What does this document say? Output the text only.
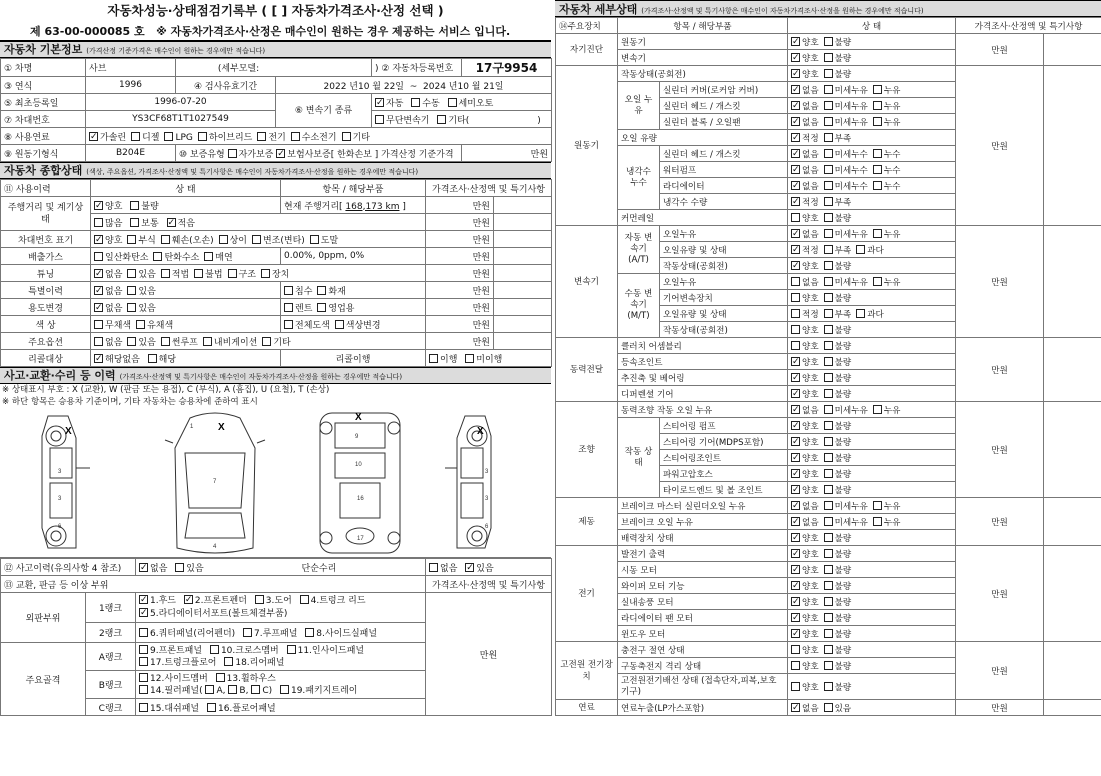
자동차성능·상태점검기록부 ( [ ] 자동차가격조사·산정 선택 )
제 63-00-000085 호 ※ 자동차가격조사·산정은 매수인이 원하는 경우 제공하는 서비스 입니다.
자동차 기본정보 (가격산정 기준가격은 매수인이 원하는 경우에만 적습니다)
① 차명	사브	(세부모델:		) ② 자동차등록번호	17구9954
③ 연식	1996	④ 검사유효기간	2022 년10 월 22일 ~ 2024 년10 월 21일		
⑤ 최초등록일	1996-07-20		⑥ 변속기 종류	✓자동 수동 세미오토
⑦ 차대번호	YS3CF68T1T1027549			무단변속기 기타( )	
⑧ 사용연료	✓가솔린 디젤 LPG 하이브리드 전기 수소전기 기타
⑨ 원동기형식	B204E	⑩ 보증유형 자가보증 ✓ 보험사보증[ 한화손보 ] 가격산정 기준가격			만원
자동차 종합상태 (색상, 주요옵션, 가격조사·산정액 및 특기사항은 매수인이 자동차가격조사·산정을 원하는 경우에만 적습니다)
⑪ 사용이력	상 태	항목 / 해당부품	가격조사·산정액 및 특기사항	
주행거리 및 계기상태	✓양호 불량	현재 주행거리[ 168,173 km ]	만원	
	많음 보통 ✓ 적음		만원	
차대번호 표기	✓양호 부식 훼손(오손) 상이 변조(변타) 도말		만원	
배출가스	일산화탄소 탄화수소 매연	0.00%, 0ppm, 0%	만원	
튜닝	✓없음 있음 적법 불법 구조 장치		만원	
특별이력	✓없음 있음	침수 화재	만원	
용도변경	✓없음 있음	렌트 영업용	만원	
색 상	무채색 유채색	전체도색 색상변경	만원	
주요옵션	없음 있음 썬루프 내비게이션 기타		만원	
리콜대상	✓해당없음 해당	리콜이행	이행 미이행	
사고·교환·수리 등 이력 (가격조사·산정액 및 특기사항은 매수인이 자동차가격조사·산정을 원하는 경우에만 적습니다)
※ 상태표시 부호 : X (교환), W (판금 또는 용접), C (부식), A (흠집), U (요철), T (손상)
※ 하단 항목은 승용차 기준이며, 기타 자동차는 승용차에 준하여 표시
3
3
6
7
4
1
9
10
16
17
3
3
6
X	X
X
X
⑫ 사고이력(유의사항 4 참조)	✓없음 있음 단순수리	없음 ✓ 있음
⑬ 교환, 판금 등 이상 부위			가격조사·산정액 및 특기사항
외판부위	1랭크	✓1.후드 ✓ 2.프론트펜더 3.도어 4.트렁크 리드
✓5.라디에이터서포트(볼트체결부품)	만원
	2랭크	6.쿼터패널(리어펜더) 7.루프패널 8.사이드실패널	
주요골격	A랭크	9.프론트패널 10.크로스멤버 11.인사이드패널
17.트렁크플로어 18.리어패널	
	B랭크	12.사이드멤버 13.휠하우스
14.필러패널( A, B, C) 19.패키지트레이	
	C랭크	15.대쉬패널 16.플로어패널	
자동차 세부상태 (가격조사·산정액 및 특기사항은 매수인이 자동차가격조사·산정을 원하는 경우에만 적습니다)
⑭주요장치	항목 / 해당부품		상 태	가격조사·산정액 및 특기사항	
자기진단	원동기	✓양호 불량	만원	
	변속기	✓양호 불량
원동기	작동상태(공회전)	✓양호 불량	만원	
	오일 누유	실린더 커버(로커암 커버)	✓없음 미세누유 누유
		실린더 헤드 / 개스킷	✓없음 미세누유 누유
		실린더 블록 / 오일팬	✓없음 미세누유 누유
	오일 유량	✓적정 부족
	냉각수 누수	실린더 헤드 / 개스킷	✓없음 미세누수 누수
		워터펌프	✓없음 미세누수 누수
		라디에이터	✓없음 미세누수 누수
		냉각수 수량	✓적정 부족
	커먼레일		양호 불량		
변속기	자동 변속기 (A/T)	오일누유	✓없음 미세누유 누유	만원	
		오일유량 및 상태	✓적정 부족 과다
		작동상태(공회전)	✓양호 불량
	수동 변속기 (M/T)	오일누유	없음 미세누유 누유		
		기어변속장치	양호 불량		
		오일유량 및 상태	적정 부족 과다		
		작동상태(공회전)	양호 불량		
동력전달	클러치 어셈블리		양호 불량	만원	
	등속조인트	✓양호 불량
	추진축 및 베어링	✓양호 불량
	디퍼렌셜 기어	✓양호 불량
조향	동력조향 작동 오일 누유	✓없음 미세누유 누유	만원	
	작동 상태	스티어링 펌프	✓양호 불량
		스티어링 기어(MDPS포함)	✓양호 불량
		스티어링조인트	✓양호 불량
		파워고압호스	✓양호 불량
		타이로드엔드 및 볼 조인트	✓양호 불량
제동	브레이크 마스터 실린더오일 누유	✓없음 미세누유 누유	만원	
	브레이크 오일 누유	✓없음 미세누유 누유
	배력장치 상태	✓양호 불량
전기	발전기 출력	✓양호 불량	만원	
	시동 모터	✓양호 불량
	와이퍼 모터 기능	✓양호 불량
	실내송풍 모터	✓양호 불량
	라디에이터 팬 모터	✓양호 불량
	윈도우 모터	✓양호 불량
고전원 전기장치	충전구 절연 상태		양호 불량	만원	
	구동축전지 격리 상태		양호 불량		
	고전원전기배선 상태 (접속단자,피복,보호기구)		양호 불량		
연료	연료누출(LP가스포함)	✓없음 있음	만원	
